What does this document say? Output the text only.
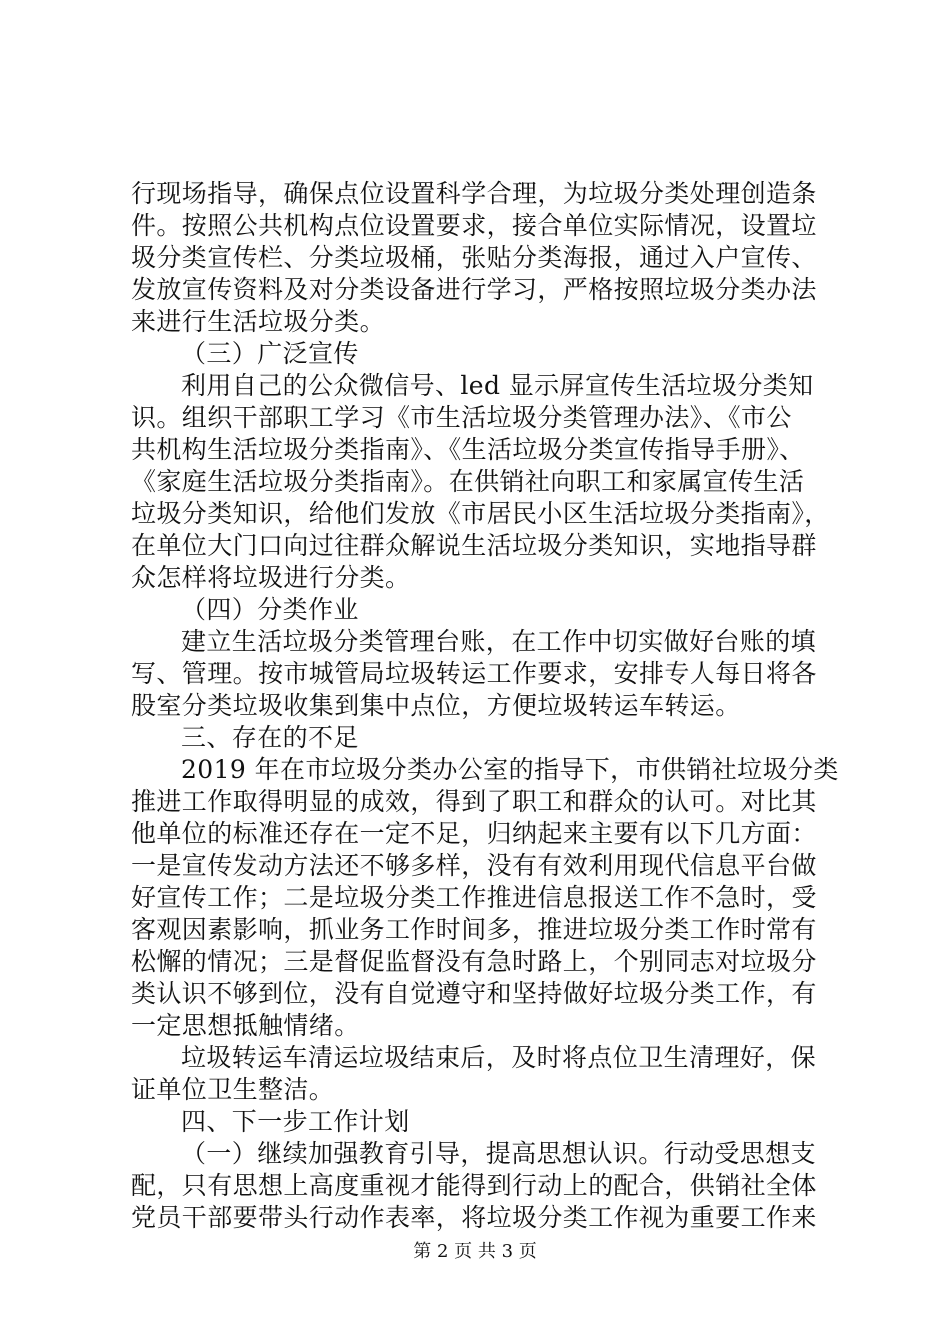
行现场指导，确保点位设置科学合理，为垃圾分类处理创造条
件。按照公共机构点位设置要求，接合单位实际情况，设置垃
圾分类宣传栏、分类垃圾桶，张贴分类海报，通过入户宣传、
发放宣传资料及对分类设备进行学习，严格按照垃圾分类办法
来进行生活垃圾分类。
（三）广泛宣传
利用自己的公众微信号、led 显示屏宣传生活垃圾分类知
识。组织干部职工学习《市生活垃圾分类管理办法》、《市公
共机构生活垃圾分类指南》、《生活垃圾分类宣传指导手册》、
《家庭生活垃圾分类指南》。在供销社向职工和家属宣传生活
垃圾分类知识，给他们发放《市居民小区生活垃圾分类指南》，
在单位大门口向过往群众解说生活垃圾分类知识，实地指导群
众怎样将垃圾进行分类。
（四）分类作业
建立生活垃圾分类管理台账，在工作中切实做好台账的填
写、管理。按市城管局垃圾转运工作要求，安排专人每日将各
股室分类垃圾收集到集中点位，方便垃圾转运车转运。
三、存在的不足
2019 年在市垃圾分类办公室的指导下，市供销社垃圾分类
推进工作取得明显的成效，得到了职工和群众的认可。对比其
他单位的标准还存在一定不足，归纳起来主要有以下几方面：
一是宣传发动方法还不够多样，没有有效利用现代信息平台做
好宣传工作；二是垃圾分类工作推进信息报送工作不急时，受
客观因素影响，抓业务工作时间多，推进垃圾分类工作时常有
松懈的情况；三是督促监督没有急时路上，个别同志对垃圾分
类认识不够到位，没有自觉遵守和坚持做好垃圾分类工作，有
一定思想抵触情绪。
垃圾转运车清运垃圾结束后，及时将点位卫生清理好，保
证单位卫生整洁。
四、下一步工作计划
（一）继续加强教育引导，提高思想认识。行动受思想支
配，只有思想上高度重视才能得到行动上的配合，供销社全体
党员干部要带头行动作表率，将垃圾分类工作视为重要工作来
第 2 页 共 3 页
